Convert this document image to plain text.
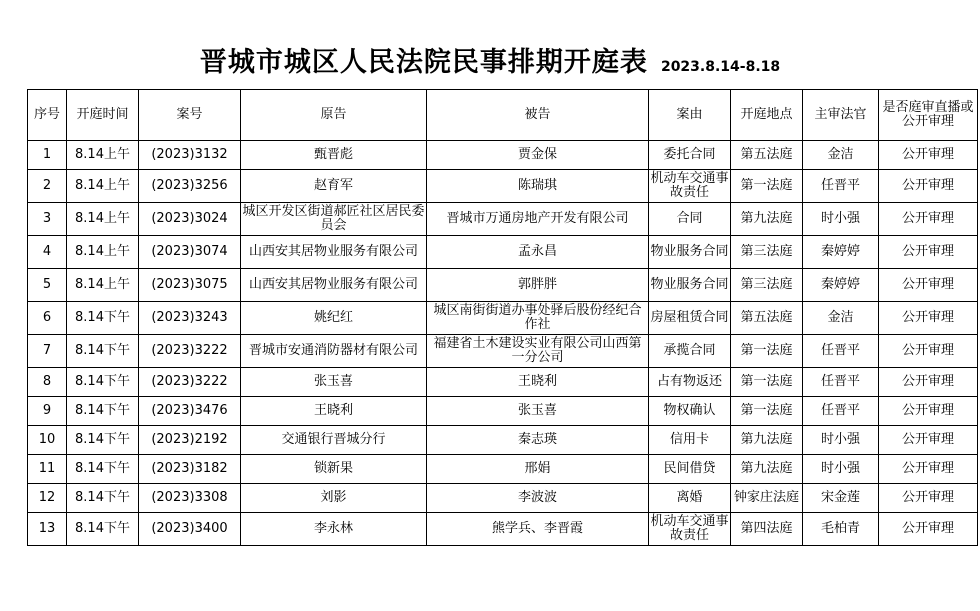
晋城市城区人民法院民事排期开庭表 2023.8.14-8.18
序号	开庭时间	案号	原告	被告	案由	开庭地点	主审法官	是否庭审直播或公开审理
1	8.14上午	(2023)3132	甄晋彪	贾金保	委托合同	第五法庭	金洁	公开审理
2	8.14上午	(2023)3256	赵育军	陈瑞琪	机动车交通事故责任	第一法庭	任晋平	公开审理
3	8.14上午	(2023)3024	城区开发区街道郝匠社区居民委员会	晋城市万通房地产开发有限公司	合同	第九法庭	时小强	公开审理
4	8.14上午	(2023)3074	山西安其居物业服务有限公司	孟永昌	物业服务合同	第三法庭	秦婷婷	公开审理
5	8.14上午	(2023)3075	山西安其居物业服务有限公司	郭胖胖	物业服务合同	第三法庭	秦婷婷	公开审理
6	8.14下午	(2023)3243	姚纪红	城区南街街道办事处驿后股份经纪合作社	房屋租赁合同	第五法庭	金洁	公开审理
7	8.14下午	(2023)3222	晋城市安通消防器材有限公司	福建省土木建设实业有限公司山西第一分公司	承揽合同	第一法庭	任晋平	公开审理
8	8.14下午	(2023)3222	张玉喜	王晓利	占有物返还	第一法庭	任晋平	公开审理
9	8.14下午	(2023)3476	王晓利	张玉喜	物权确认	第一法庭	任晋平	公开审理
10	8.14下午	(2023)2192	交通银行晋城分行	秦志瑛	信用卡	第九法庭	时小强	公开审理
11	8.14下午	(2023)3182	锁新果	邢娟	民间借贷	第九法庭	时小强	公开审理
12	8.14下午	(2023)3308	刘影	李波波	离婚	钟家庄法庭	宋金莲	公开审理
13	8.14下午	(2023)3400	李永林	熊学兵、李晋霞	机动车交通事故责任	第四法庭	毛柏青	公开审理
